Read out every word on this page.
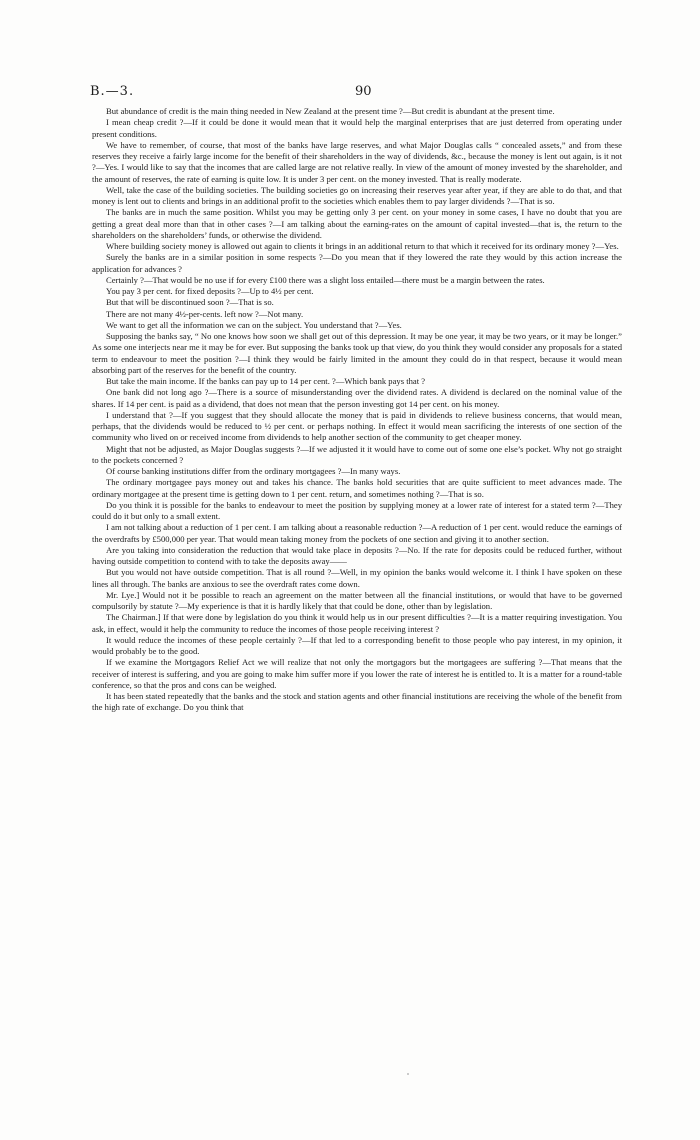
B.—3.	90

But abundance of credit is the main thing needed in New Zealand at the present time ?—But credit is abundant at the present time.

I mean cheap credit ?—If it could be done it would mean that it would help the marginal enterprises that are just deterred from operating under present conditions.

We have to remember, of course, that most of the banks have large reserves, and what Major Douglas calls “ concealed assets,” and from these reserves they receive a fairly large income for the benefit of their shareholders in the way of dividends, &c., because the money is lent out again, is it not ?—Yes. I would like to say that the incomes that are called large are not relative really. In view of the amount of money invested by the shareholder, and the amount of reserves, the rate of earning is quite low. It is under 3 per cent. on the money invested. That is really moderate.

Well, take the case of the building societies. The building societies go on increasing their reserves year after year, if they are able to do that, and that money is lent out to clients and brings in an additional profit to the societies which enables them to pay larger dividends ?—That is so.

The banks are in much the same position. Whilst you may be getting only 3 per cent. on your money in some cases, I have no doubt that you are getting a great deal more than that in other cases ?—I am talking about the earning-rates on the amount of capital invested—that is, the return to the shareholders on the shareholders’ funds, or otherwise the dividend.

Where building society money is allowed out again to clients it brings in an additional return to that which it received for its ordinary money ?—Yes.

Surely the banks are in a similar position in some respects ?—Do you mean that if they lowered the rate they would by this action increase the application for advances ?

Certainly ?—That would be no use if for every £100 there was a slight loss entailed—there must be a margin between the rates.

You pay 3 per cent. for fixed deposits ?—Up to 4½ per cent.

But that will be discontinued soon ?—That is so.

There are not many 4½-per-cents. left now ?—Not many.

We want to get all the information we can on the subject. You understand that ?—Yes.

Supposing the banks say, “ No one knows how soon we shall get out of this depression. It may be one year, it may be two years, or it may be longer.” As some one interjects near me it may be for ever. But supposing the banks took up that view, do you think they would consider any proposals for a stated term to endeavour to meet the position ?—I think they would be fairly limited in the amount they could do in that respect, because it would mean absorbing part of the reserves for the benefit of the country.

But take the main income. If the banks can pay up to 14 per cent. ?—Which bank pays that ?

One bank did not long ago ?—There is a source of misunderstanding over the dividend rates. A dividend is declared on the nominal value of the shares. If 14 per cent. is paid as a dividend, that does not mean that the person investing got 14 per cent. on his money.

I understand that ?—If you suggest that they should allocate the money that is paid in dividends to relieve business concerns, that would mean, perhaps, that the dividends would be reduced to ½ per cent. or perhaps nothing. In effect it would mean sacrificing the interests of one section of the community who lived on or received income from dividends to help another section of the community to get cheaper money.

Might that not be adjusted, as Major Douglas suggests ?—If we adjusted it it would have to come out of some one else’s pocket. Why not go straight to the pockets concerned ?

Of course banking institutions differ from the ordinary mortgagees ?—In many ways.

The ordinary mortgagee pays money out and takes his chance. The banks hold securities that are quite sufficient to meet advances made. The ordinary mortgagee at the present time is getting down to 1 per cent. return, and sometimes nothing ?—That is so.

Do you think it is possible for the banks to endeavour to meet the position by supplying money at a lower rate of interest for a stated term ?—They could do it but only to a small extent.

I am not talking about a reduction of 1 per cent. I am talking about a reasonable reduction ?—A reduction of 1 per cent. would reduce the earnings of the overdrafts by £500,000 per year. That would mean taking money from the pockets of one section and giving it to another section.

Are you taking into consideration the reduction that would take place in deposits ?—No. If the rate for deposits could be reduced further, without having outside competition to contend with to take the deposits away——

But you would not have outside competition. That is all round ?—Well, in my opinion the banks would welcome it. I think I have spoken on these lines all through. The banks are anxious to see the overdraft rates come down.

Mr. Lye.] Would not it be possible to reach an agreement on the matter between all the financial institutions, or would that have to be governed compulsorily by statute ?—My experience is that it is hardly likely that that could be done, other than by legislation.

The Chairman.] If that were done by legislation do you think it would help us in our present difficulties ?—It is a matter requiring investigation. You ask, in effect, would it help the community to reduce the incomes of those people receiving interest ?

It would reduce the incomes of these people certainly ?—If that led to a corresponding benefit to those people who pay interest, in my opinion, it would probably be to the good.

If we examine the Mortgagors Relief Act we will realize that not only the mortgagors but the mortgagees are suffering ?—That means that the receiver of interest is suffering, and you are going to make him suffer more if you lower the rate of interest he is entitled to. It is a matter for a round-table conference, so that the pros and cons can be weighed.

It has been stated repeatedly that the banks and the stock and station agents and other financial institutions are receiving the whole of the benefit from the high rate of exchange. Do you think that
